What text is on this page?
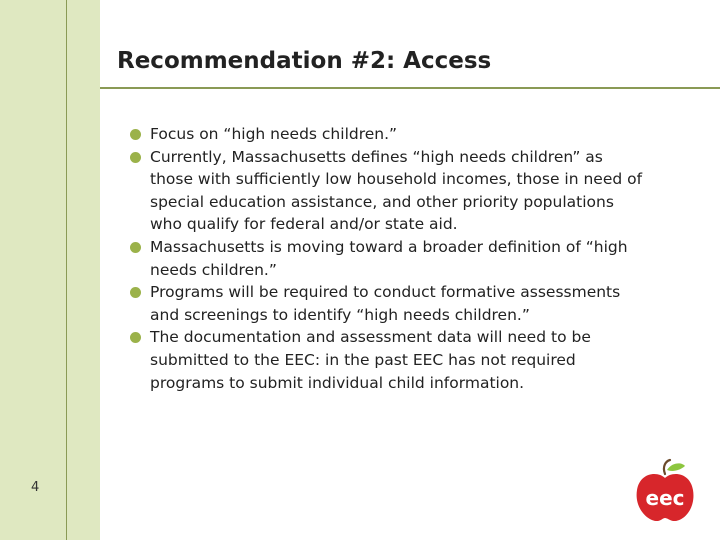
Recommendation #2: Access
Focus on “high needs children.”
Currently, Massachusetts defines “high needs children” as those with sufficiently low household incomes, those in need of special education assistance, and other priority populations who qualify for federal and/or state aid.
Massachusetts is moving toward a broader definition of “high needs children.”
Programs will be required to conduct formative assessments and screenings to identify “high needs children.”
The documentation and assessment data will need to be submitted to the EEC: in the past EEC has not required programs to submit individual child information.
4	eec
